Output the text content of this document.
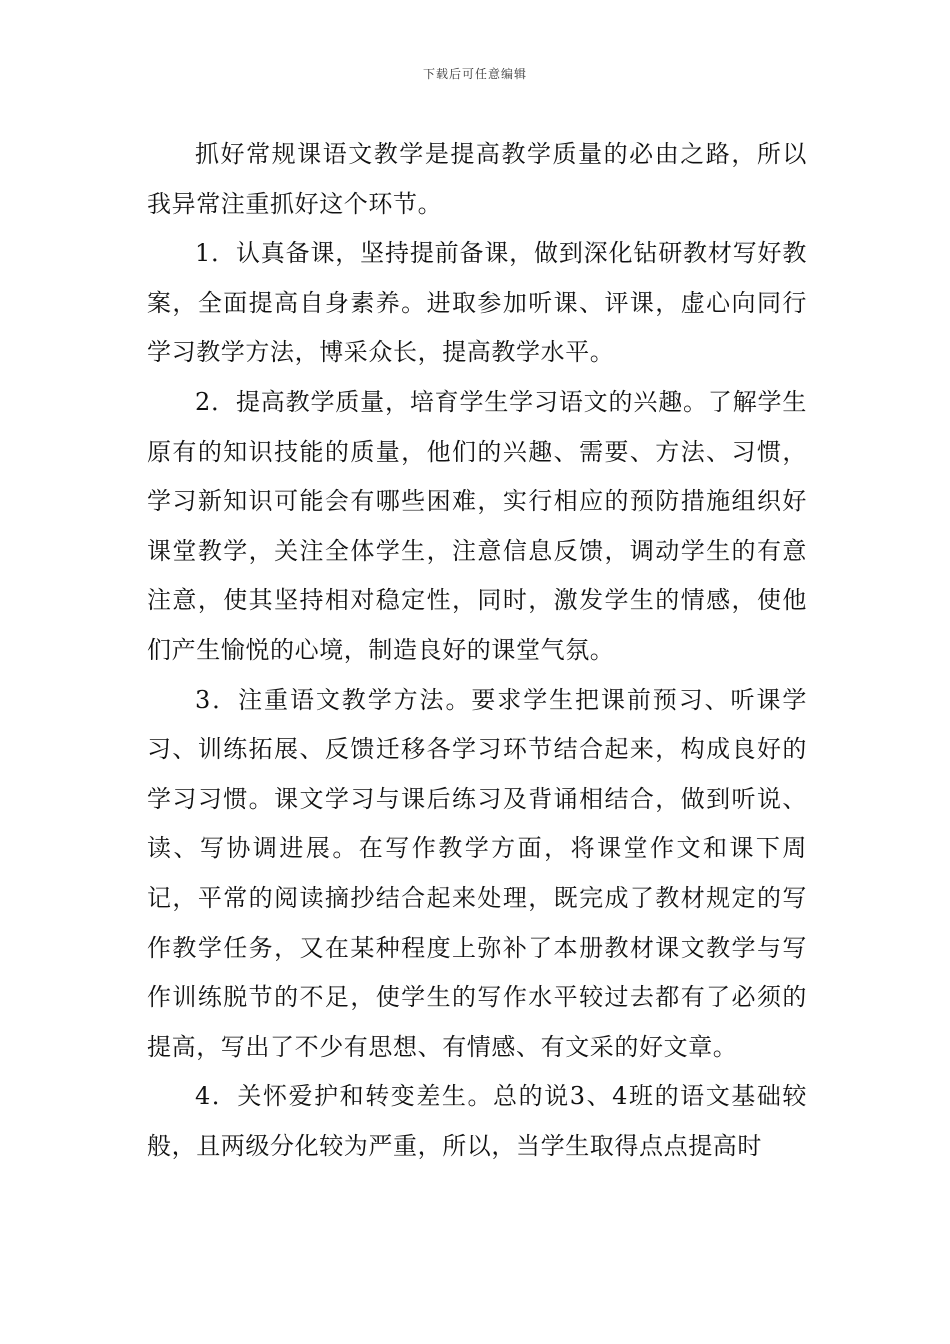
下载后可任意编辑

抓好常规课语文教学是提高教学质量的必由之路，所以我异常注重抓好这个环节。

1．认真备课，坚持提前备课，做到深化钻研教材写好教案，全面提高自身素养。进取参加听课、评课，虚心向同行学习教学方法，博采众长，提高教学水平。

2．提高教学质量，培育学生学习语文的兴趣。了解学生原有的知识技能的质量，他们的兴趣、需要、方法、习惯，学习新知识可能会有哪些困难，实行相应的预防措施组织好课堂教学，关注全体学生，注意信息反馈，调动学生的有意注意，使其坚持相对稳定性，同时，激发学生的情感，使他们产生愉悦的心境，制造良好的课堂气氛。

3．注重语文教学方法。要求学生把课前预习、听课学习、训练拓展、反馈迁移各学习环节结合起来，构成良好的学习习惯。课文学习与课后练习及背诵相结合，做到听说、读、写协调进展。在写作教学方面，将课堂作文和课下周记，平常的阅读摘抄结合起来处理，既完成了教材规定的写作教学任务，又在某种程度上弥补了本册教材课文教学与写作训练脱节的不足，使学生的写作水平较过去都有了必须的提高，写出了不少有思想、有情感、有文采的好文章。

4．关怀爱护和转变差生。总的说3、4班的语文基础较般，且两级分化较为严重，所以，当学生取得点点提高时
